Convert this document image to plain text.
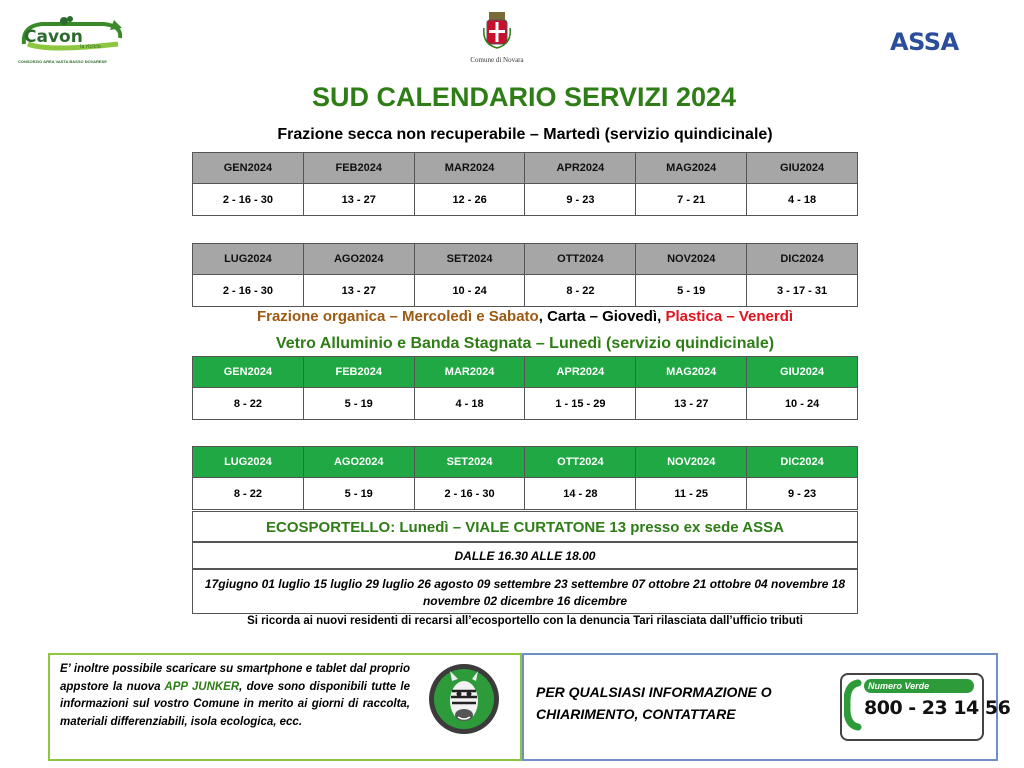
Cavon
la riciclo
CONSORZIO AREA VASTA BASSO NOVARESE	Comune di Novara
ASSA
SUD CALENDARIO SERVIZI 2024
Frazione secca non recuperabile – Martedì (servizio quindicinale)
GEN2024	FEB2024	MAR2024	APR2024	MAG2024	GIU2024
2 - 16 - 30	13 - 27	12 - 26	9 - 23	7 - 21	4 - 18
LUG2024	AGO2024	SET2024	OTT2024	NOV2024	DIC2024
2 - 16 - 30	13 - 27	10 - 24	8 - 22	5 - 19	3 - 17 - 31
Frazione organica – Mercoledì e Sabato, Carta – Giovedì, Plastica – Venerdì
Vetro Alluminio e Banda Stagnata – Lunedì (servizio quindicinale)
GEN2024	FEB2024	MAR2024	APR2024	MAG2024	GIU2024
8 - 22	5 - 19	4 - 18	1 - 15 - 29	13 - 27	10 - 24
LUG2024	AGO2024	SET2024	OTT2024	NOV2024	DIC2024
8 - 22	5 - 19	2 - 16 - 30	14 - 28	11 - 25	9 - 23
ECOSPORTELLO: Lunedì – VIALE CURTATONE 13 presso ex sede ASSA
DALLE 16.30 ALLE 18.00
17giugno 01 luglio 15 luglio 29 luglio 26 agosto 09 settembre 23 settembre 07 ottobre 21 ottobre 04 novembre 18 novembre 02 dicembre 16 dicembre
Si ricorda ai nuovi residenti di recarsi all’ecosportello con la denuncia Tari rilasciata dall’ufficio tributi
E’ inoltre possibile scaricare su smartphone e tablet dal proprio appstore la nuova APP JUNKER, dove sono disponibili tutte le informazioni sul vostro Comune in merito ai giorni di raccolta, materiali differenziabili, isola ecologica, ecc.
PER QUALSIASI INFORMAZIONE O CHIARIMENTO, CONTATTARE
Numero Verde
800 - 23 14 56
